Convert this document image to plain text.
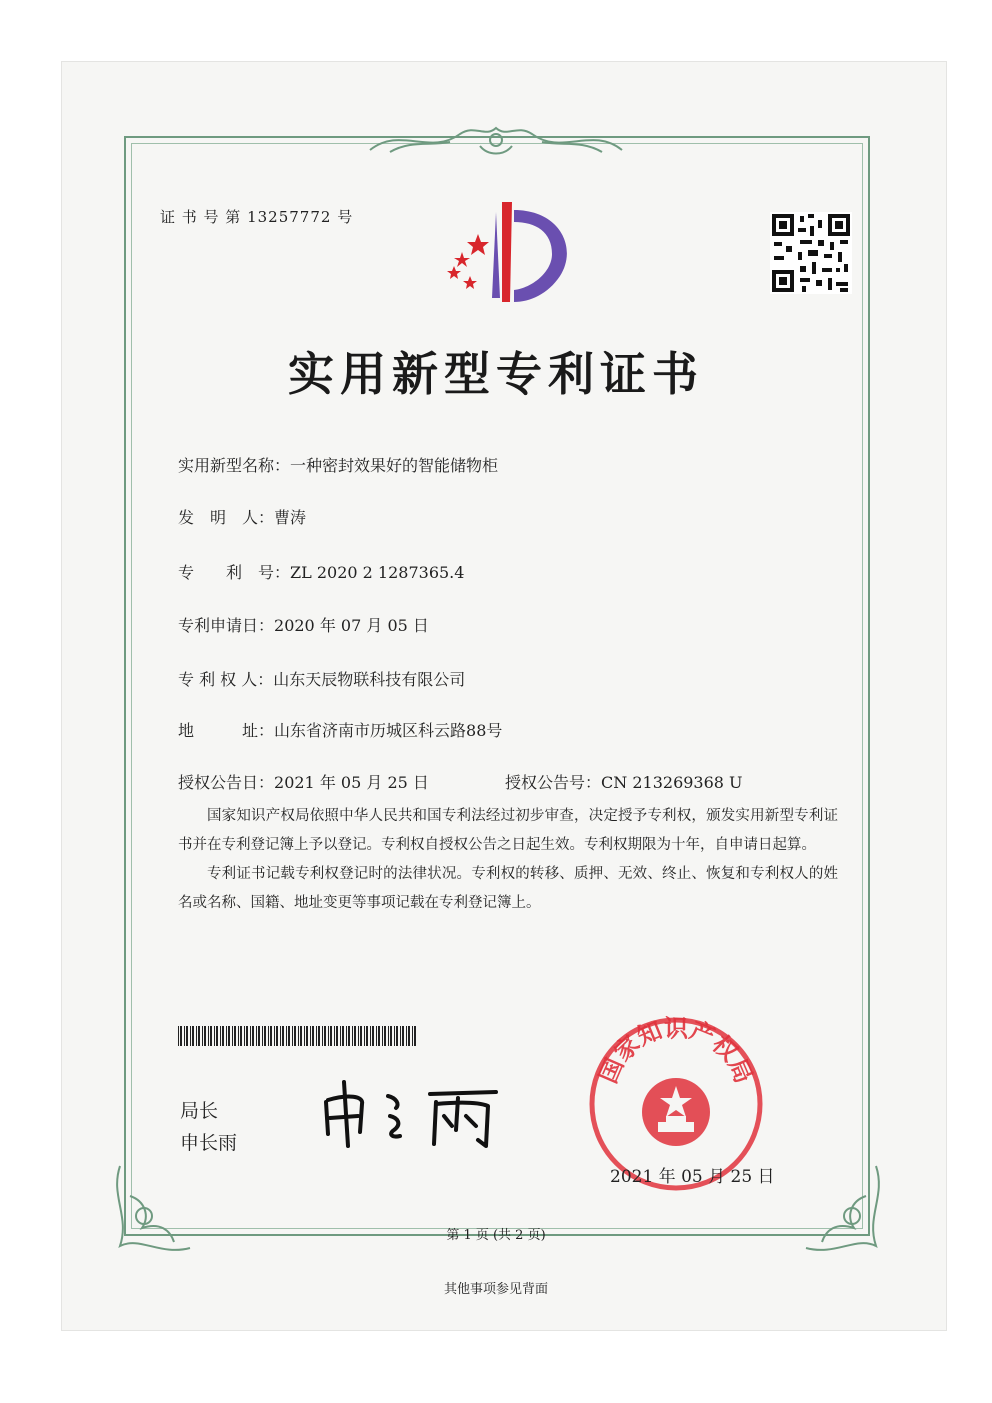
证 书 号 第 13257772 号
实用新型专利证书
实用新型名称：一种密封效果好的智能储物柜
发　明　人：曹涛
专　　利　号：ZL 2020 2 1287365.4
专利申请日：2020 年 07 月 05 日
专 利 权 人：山东天辰物联科技有限公司
地　　　址：山东省济南市历城区科云路88号
授权公告日：2021 年 05 月 25 日	授权公告号：CN 213269368 U

国家知识产权局依照中华人民共和国专利法经过初步审查，决定授予专利权，颁发实用新型专利证书并在专利登记簿上予以登记。专利权自授权公告之日起生效。专利权期限为十年，自申请日起算。

专利证书记载专利权登记时的法律状况。专利权的转移、质押、无效、终止、恢复和专利权人的姓名或名称、国籍、地址变更等事项记载在专利登记簿上。

局长
申长雨
国家知识产权局
2021 年 05 月 25 日
第 1 页 (共 2 页)
其他事项参见背面
